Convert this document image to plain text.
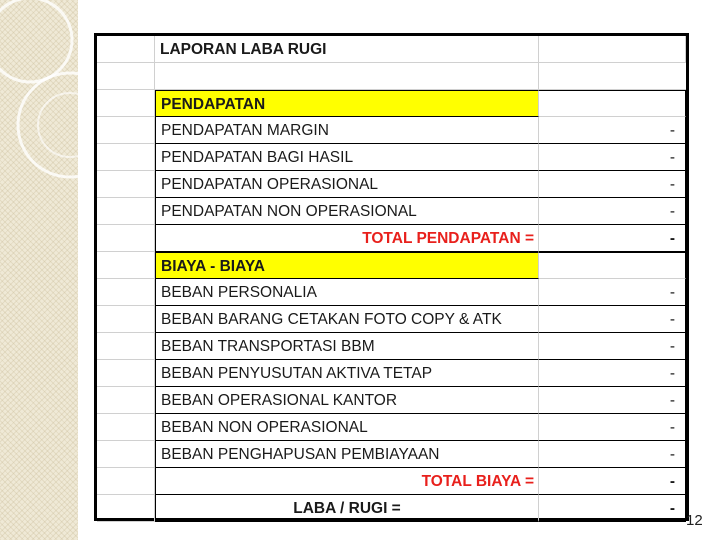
LAPORAN LABA RUGI
PENDAPATAN
PENDAPATAN MARGIN	-
PENDAPATAN BAGI HASIL	-
PENDAPATAN OPERASIONAL	-
PENDAPATAN NON OPERASIONAL	-
TOTAL PENDAPATAN =	-
BIAYA - BIAYA
BEBAN PERSONALIA	-
BEBAN BARANG CETAKAN FOTO COPY & ATK	-
BEBAN TRANSPORTASI BBM	-
BEBAN PENYUSUTAN AKTIVA TETAP	-
BEBAN OPERASIONAL KANTOR	-
BEBAN NON OPERASIONAL	-
BEBAN PENGHAPUSAN PEMBIAYAAN	-
TOTAL BIAYA =	-
LABA / RUGI =	-
12
